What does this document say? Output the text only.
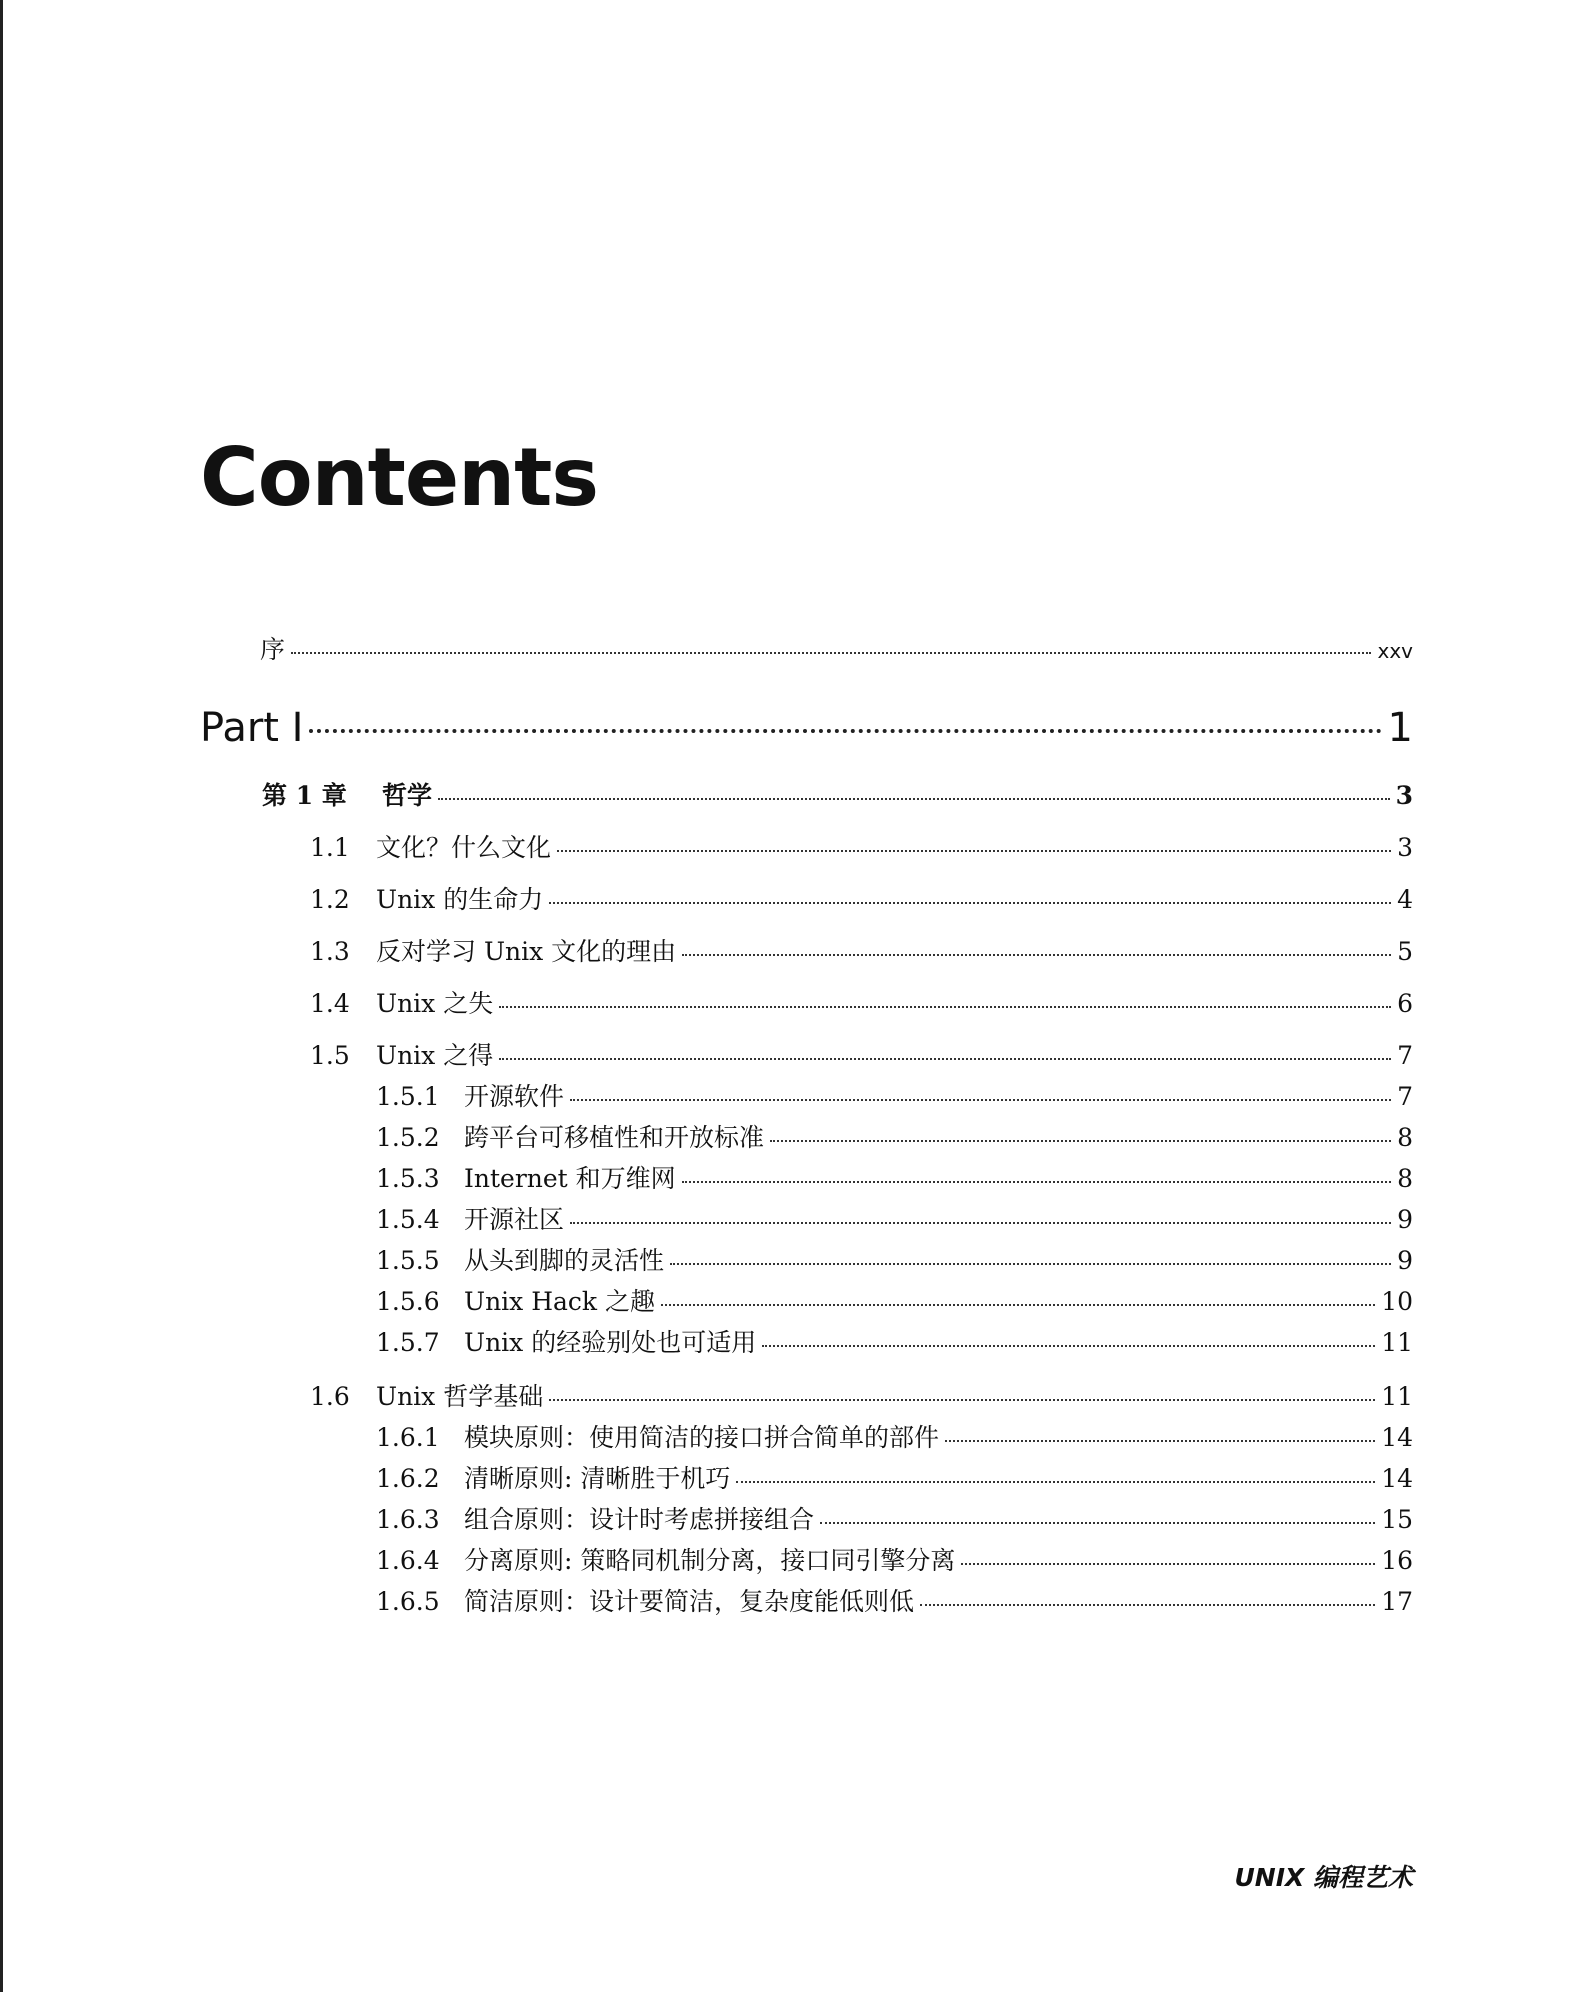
Contents
序	xxv
Part I	1
第 1 章	哲学	3
1.1	文化？什么文化	3
1.2	Unix 的生命力	4
1.3	反对学习 Unix 文化的理由	5
1.4	Unix 之失	6
1.5	Unix 之得	7
1.5.1 开源软件	7
1.5.2 跨平台可移植性和开放标准	8
1.5.3 Internet 和万维网	8
1.5.4 开源社区	9
1.5.5 从头到脚的灵活性	9
1.5.6 Unix Hack 之趣	10
1.5.7 Unix 的经验别处也可适用	11
1.6	Unix 哲学基础	11
1.6.1 模块原则：使用简洁的接口拼合简单的部件	14
1.6.2 清晰原则: 清晰胜于机巧	14
1.6.3 组合原则：设计时考虑拼接组合	15
1.6.4 分离原则: 策略同机制分离，接口同引擎分离	16
1.6.5 简洁原则：设计要简洁，复杂度能低则低	17
UNIX 编程艺术
